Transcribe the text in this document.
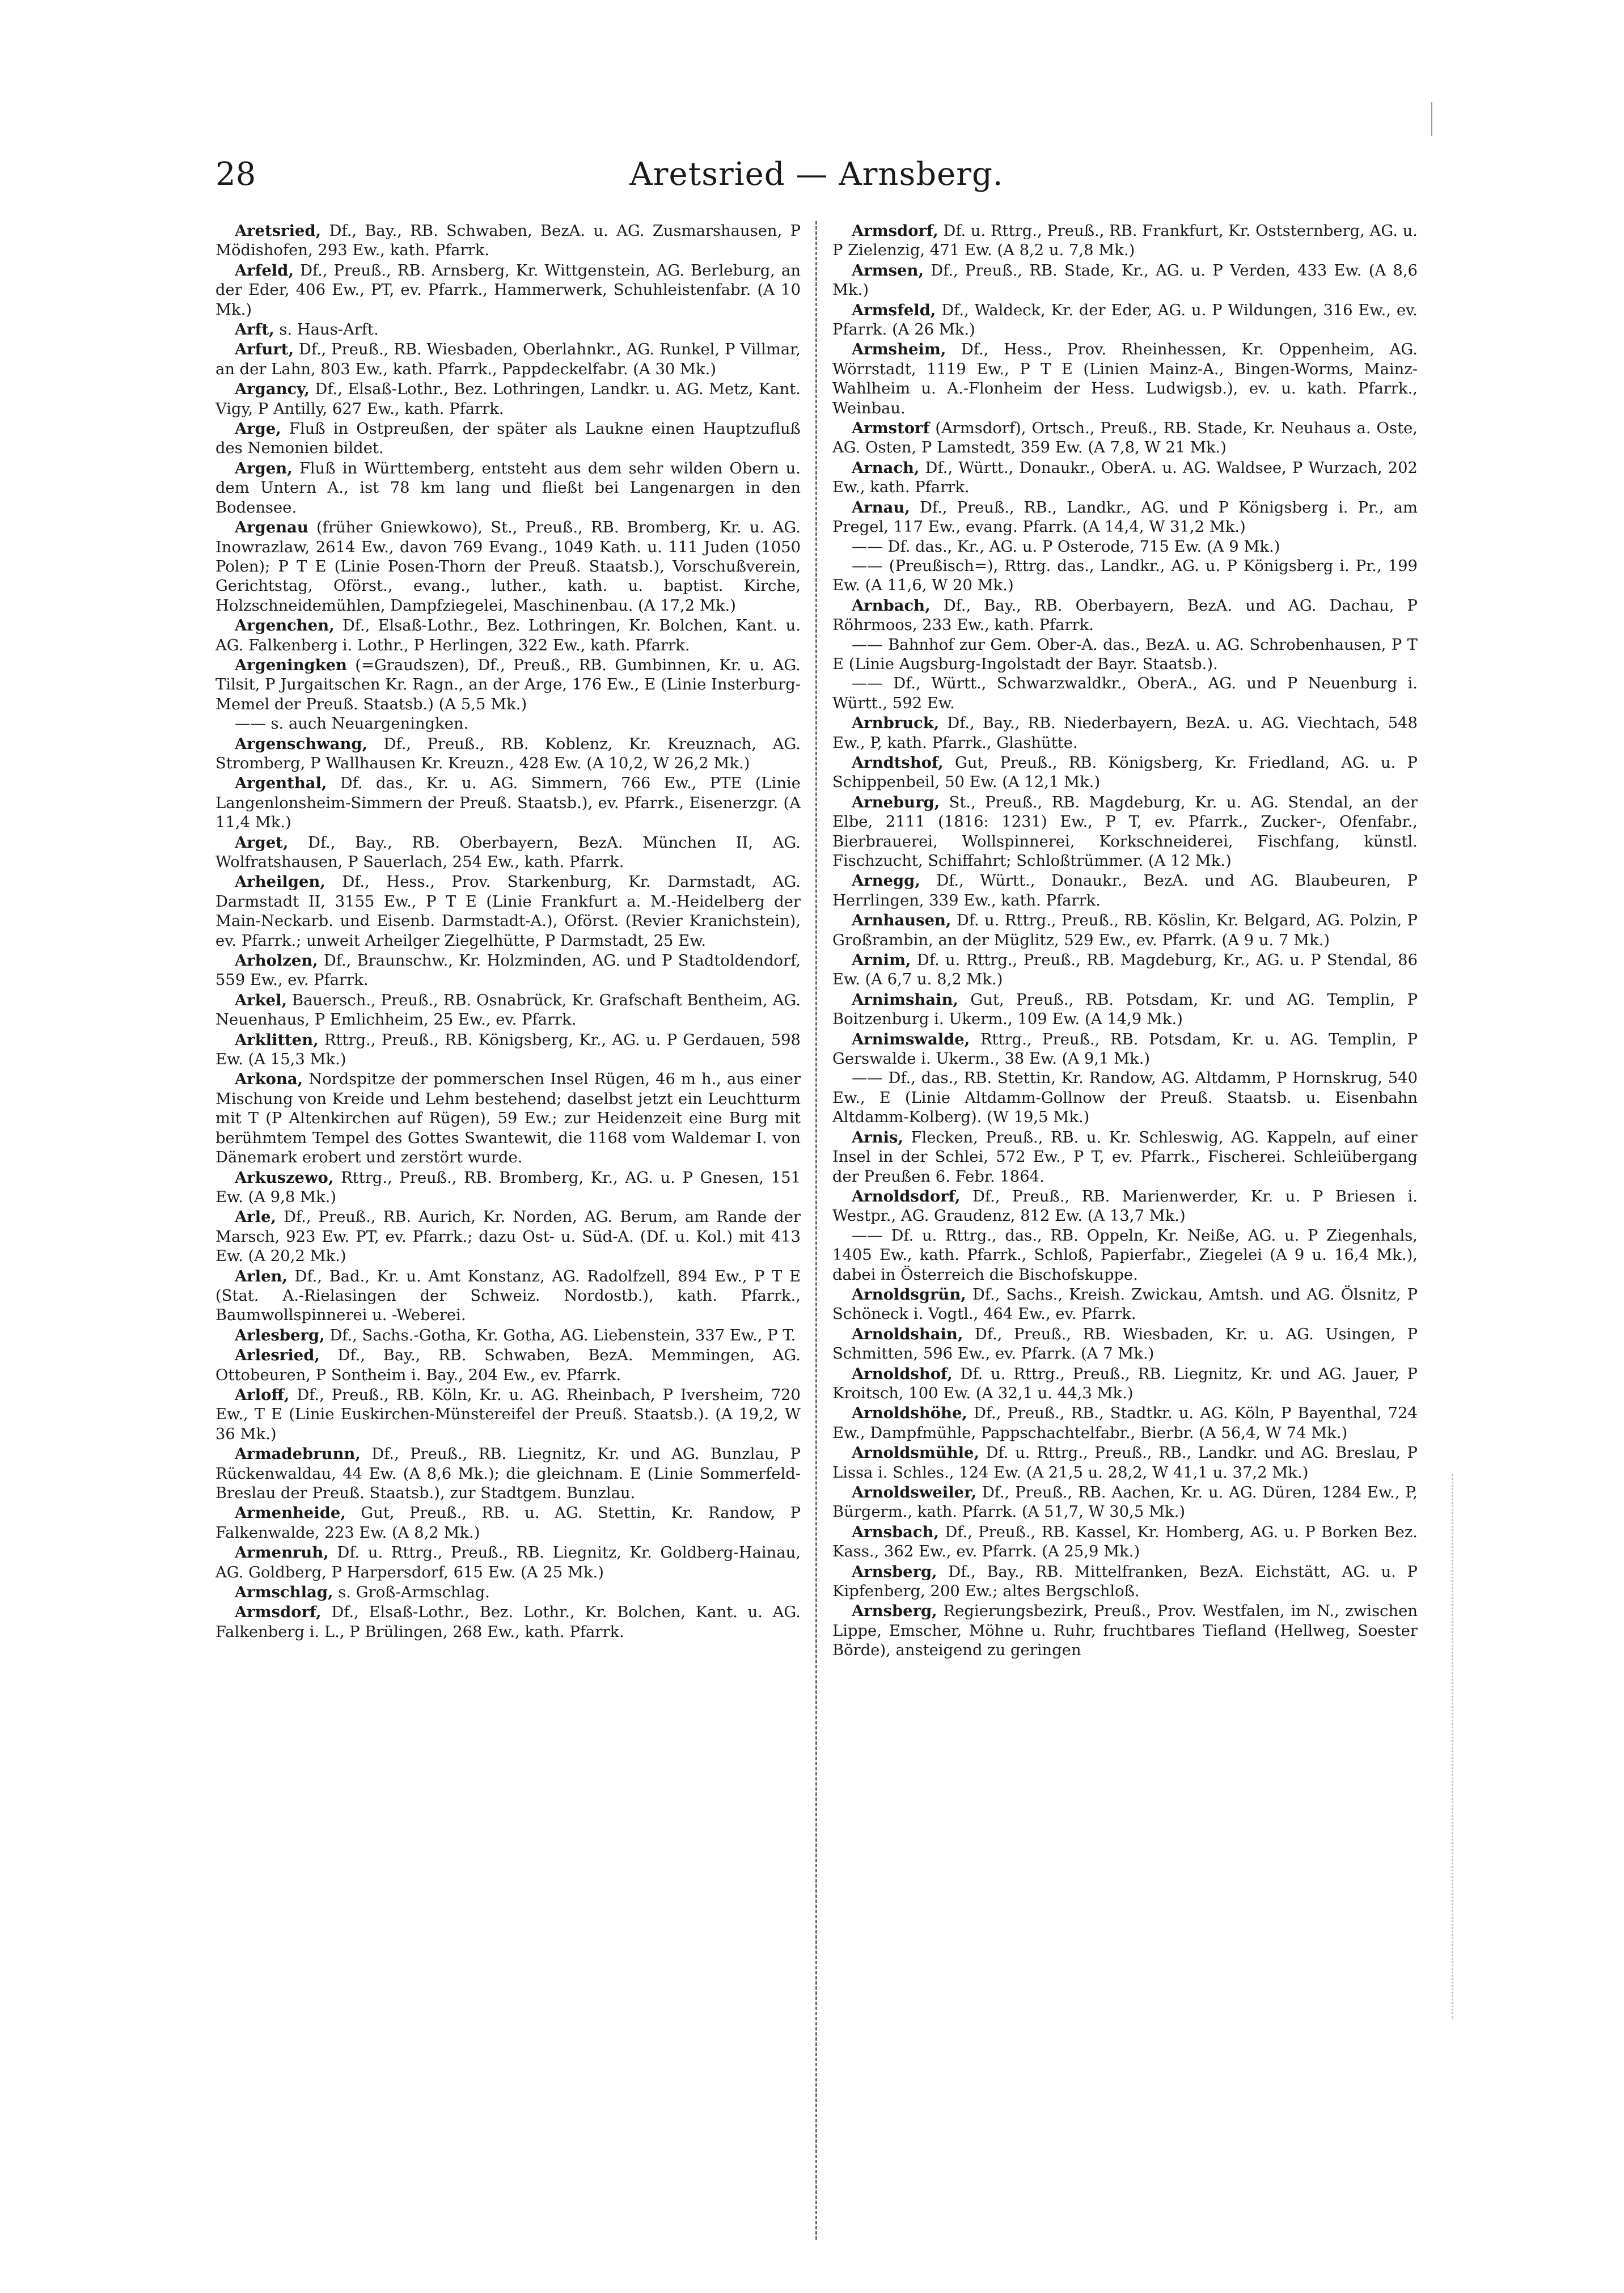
28	Aretsried — Arnsberg.

Aretsried, Df., Bay., RB. Schwaben, BezA. u. AG. Zusmarshausen, P Mödishofen, 293 Ew., kath. Pfarrk.

Arfeld, Df., Preuß., RB. Arnsberg, Kr. Wittgenstein, AG. Berleburg, an der Eder, 406 Ew., PT, ev. Pfarrk., Hammerwerk, Schuhleistenfabr. (A 10 Mk.)

Arft, s. Haus-Arft.

Arfurt, Df., Preuß., RB. Wiesbaden, Oberlahnkr., AG. Runkel, P Villmar, an der Lahn, 803 Ew., kath. Pfarrk., Pappdeckelfabr. (A 30 Mk.)

Argancy, Df., Elsaß-Lothr., Bez. Lothringen, Landkr. u. AG. Metz, Kant. Vigy, P Antilly, 627 Ew., kath. Pfarrk.

Arge, Fluß in Ostpreußen, der später als Laukne einen Hauptzufluß des Nemonien bildet.

Argen, Fluß in Württemberg, entsteht aus dem sehr wilden Obern u. dem Untern A., ist 78 km lang und fließt bei Langenargen in den Bodensee.

Argenau (früher Gniewkowo), St., Preuß., RB. Bromberg, Kr. u. AG. Inowrazlaw, 2614 Ew., davon 769 Evang., 1049 Kath. u. 111 Juden (1050 Polen); P T E (Linie Posen-Thorn der Preuß. Staatsb.), Vorschußverein, Gerichtstag, Oförst., evang., luther., kath. u. baptist. Kirche, Holzschneidemühlen, Dampfziegelei, Maschinenbau. (A 17,2 Mk.)

Argenchen, Df., Elsaß-Lothr., Bez. Lothringen, Kr. Bolchen, Kant. u. AG. Falkenberg i. Lothr., P Herlingen, 322 Ew., kath. Pfarrk.

Argeningken (=Graudszen), Df., Preuß., RB. Gumbinnen, Kr. u. AG. Tilsit, P Jurgaitschen Kr. Ragn., an der Arge, 176 Ew., E (Linie Insterburg-Memel der Preuß. Staatsb.) (A 5,5 Mk.)

—— s. auch Neuargeningken.

Argenschwang, Df., Preuß., RB. Koblenz, Kr. Kreuznach, AG. Stromberg, P Wallhausen Kr. Kreuzn., 428 Ew. (A 10,2, W 26,2 Mk.)

Argenthal, Df. das., Kr. u. AG. Simmern, 766 Ew., PTE (Linie Langenlonsheim-Simmern der Preuß. Staatsb.), ev. Pfarrk., Eisenerzgr. (A 11,4 Mk.)

Arget, Df., Bay., RB. Oberbayern, BezA. München II, AG. Wolfratshausen, P Sauerlach, 254 Ew., kath. Pfarrk.

Arheilgen, Df., Hess., Prov. Starkenburg, Kr. Darmstadt, AG. Darmstadt II, 3155 Ew., P T E (Linie Frankfurt a. M.-Heidelberg der Main-Neckarb. und Eisenb. Darmstadt-A.), Oförst. (Revier Kranichstein), ev. Pfarrk.; unweit Arheilger Ziegelhütte, P Darmstadt, 25 Ew.

Arholzen, Df., Braunschw., Kr. Holzminden, AG. und P Stadtoldendorf, 559 Ew., ev. Pfarrk.

Arkel, Bauersch., Preuß., RB. Osnabrück, Kr. Grafschaft Bentheim, AG. Neuenhaus, P Emlichheim, 25 Ew., ev. Pfarrk.

Arklitten, Rttrg., Preuß., RB. Königsberg, Kr., AG. u. P Gerdauen, 598 Ew. (A 15,3 Mk.)

Arkona, Nordspitze der pommerschen Insel Rügen, 46 m h., aus einer Mischung von Kreide und Lehm bestehend; daselbst jetzt ein Leuchtturm mit T (P Altenkirchen auf Rügen), 59 Ew.; zur Heidenzeit eine Burg mit berühmtem Tempel des Gottes Swantewit, die 1168 vom Waldemar I. von Dänemark erobert und zerstört wurde.

Arkuszewo, Rttrg., Preuß., RB. Bromberg, Kr., AG. u. P Gnesen, 151 Ew. (A 9,8 Mk.)

Arle, Df., Preuß., RB. Aurich, Kr. Norden, AG. Berum, am Rande der Marsch, 923 Ew. PT, ev. Pfarrk.; dazu Ost- u. Süd-A. (Df. u. Kol.) mit 413 Ew. (A 20,2 Mk.)

Arlen, Df., Bad., Kr. u. Amt Konstanz, AG. Radolfzell, 894 Ew., P T E (Stat. A.-Rielasingen der Schweiz. Nordostb.), kath. Pfarrk., Baumwollspinnerei u. -Weberei.

Arlesberg, Df., Sachs.-Gotha, Kr. Gotha, AG. Liebenstein, 337 Ew., P T.

Arlesried, Df., Bay., RB. Schwaben, BezA. Memmingen, AG. Ottobeuren, P Sontheim i. Bay., 204 Ew., ev. Pfarrk.

Arloff, Df., Preuß., RB. Köln, Kr. u. AG. Rheinbach, P Iversheim, 720 Ew., T E (Linie Euskirchen-Münstereifel der Preuß. Staatsb.). (A 19,2, W 36 Mk.)

Armadebrunn, Df., Preuß., RB. Liegnitz, Kr. und AG. Bunzlau, P Rückenwaldau, 44 Ew. (A 8,6 Mk.); die gleichnam. E (Linie Sommerfeld-Breslau der Preuß. Staatsb.), zur Stadtgem. Bunzlau.

Armenheide, Gut, Preuß., RB. u. AG. Stettin, Kr. Randow, P Falkenwalde, 223 Ew. (A 8,2 Mk.)

Armenruh, Df. u. Rttrg., Preuß., RB. Liegnitz, Kr. Goldberg-Hainau, AG. Goldberg, P Harpersdorf, 615 Ew. (A 25 Mk.)

Armschlag, s. Groß-Armschlag.

Armsdorf, Df., Elsaß-Lothr., Bez. Lothr., Kr. Bolchen, Kant. u. AG. Falkenberg i. L., P Brülingen, 268 Ew., kath. Pfarrk.

Armsdorf, Df. u. Rttrg., Preuß., RB. Frankfurt, Kr. Oststernberg, AG. u. P Zielenzig, 471 Ew. (A 8,2 u. 7,8 Mk.)

Armsen, Df., Preuß., RB. Stade, Kr., AG. u. P Verden, 433 Ew. (A 8,6 Mk.)

Armsfeld, Df., Waldeck, Kr. der Eder, AG. u. P Wildungen, 316 Ew., ev. Pfarrk. (A 26 Mk.)

Armsheim, Df., Hess., Prov. Rheinhessen, Kr. Oppenheim, AG. Wörrstadt, 1119 Ew., P T E (Linien Mainz-A., Bingen-Worms, Mainz-Wahlheim u. A.-Flonheim der Hess. Ludwigsb.), ev. u. kath. Pfarrk., Weinbau.

Armstorf (Armsdorf), Ortsch., Preuß., RB. Stade, Kr. Neuhaus a. Oste, AG. Osten, P Lamstedt, 359 Ew. (A 7,8, W 21 Mk.)

Arnach, Df., Württ., Donaukr., OberA. u. AG. Waldsee, P Wurzach, 202 Ew., kath. Pfarrk.

Arnau, Df., Preuß., RB., Landkr., AG. und P Königsberg i. Pr., am Pregel, 117 Ew., evang. Pfarrk. (A 14,4, W 31,2 Mk.)

—— Df. das., Kr., AG. u. P Osterode, 715 Ew. (A 9 Mk.)

—— (Preußisch=), Rttrg. das., Landkr., AG. u. P Königsberg i. Pr., 199 Ew. (A 11,6, W 20 Mk.)

Arnbach, Df., Bay., RB. Oberbayern, BezA. und AG. Dachau, P Röhrmoos, 233 Ew., kath. Pfarrk.

—— Bahnhof zur Gem. Ober-A. das., BezA. u. AG. Schrobenhausen, P T E (Linie Augsburg-Ingolstadt der Bayr. Staatsb.).

—— Df., Württ., Schwarzwaldkr., OberA., AG. und P Neuenburg i. Württ., 592 Ew.

Arnbruck, Df., Bay., RB. Niederbayern, BezA. u. AG. Viechtach, 548 Ew., P, kath. Pfarrk., Glashütte.

Arndtshof, Gut, Preuß., RB. Königsberg, Kr. Friedland, AG. u. P Schippenbeil, 50 Ew. (A 12,1 Mk.)

Arneburg, St., Preuß., RB. Magdeburg, Kr. u. AG. Stendal, an der Elbe, 2111 (1816: 1231) Ew., P T, ev. Pfarrk., Zucker-, Ofenfabr., Bierbrauerei, Wollspinnerei, Korkschneiderei, Fischfang, künstl. Fischzucht, Schiffahrt; Schloßtrümmer. (A 12 Mk.)

Arnegg, Df., Württ., Donaukr., BezA. und AG. Blaubeuren, P Herrlingen, 339 Ew., kath. Pfarrk.

Arnhausen, Df. u. Rttrg., Preuß., RB. Köslin, Kr. Belgard, AG. Polzin, P Großrambin, an der Müglitz, 529 Ew., ev. Pfarrk. (A 9 u. 7 Mk.)

Arnim, Df. u. Rttrg., Preuß., RB. Magdeburg, Kr., AG. u. P Stendal, 86 Ew. (A 6,7 u. 8,2 Mk.)

Arnimshain, Gut, Preuß., RB. Potsdam, Kr. und AG. Templin, P Boitzenburg i. Ukerm., 109 Ew. (A 14,9 Mk.)

Arnimswalde, Rttrg., Preuß., RB. Potsdam, Kr. u. AG. Templin, P Gerswalde i. Ukerm., 38 Ew. (A 9,1 Mk.)

—— Df., das., RB. Stettin, Kr. Randow, AG. Altdamm, P Hornskrug, 540 Ew., E (Linie Altdamm-Gollnow der Preuß. Staatsb. u. Eisenbahn Altdamm-Kolberg). (W 19,5 Mk.)

Arnis, Flecken, Preuß., RB. u. Kr. Schleswig, AG. Kappeln, auf einer Insel in der Schlei, 572 Ew., P T, ev. Pfarrk., Fischerei. Schleiübergang der Preußen 6. Febr. 1864.

Arnoldsdorf, Df., Preuß., RB. Marienwerder, Kr. u. P Briesen i. Westpr., AG. Graudenz, 812 Ew. (A 13,7 Mk.)

—— Df. u. Rttrg., das., RB. Oppeln, Kr. Neiße, AG. u. P Ziegenhals, 1405 Ew., kath. Pfarrk., Schloß, Papierfabr., Ziegelei (A 9 u. 16,4 Mk.), dabei in Österreich die Bischofskuppe.

Arnoldsgrün, Df., Sachs., Kreish. Zwickau, Amtsh. und AG. Ölsnitz, P Schöneck i. Vogtl., 464 Ew., ev. Pfarrk.

Arnoldshain, Df., Preuß., RB. Wiesbaden, Kr. u. AG. Usingen, P Schmitten, 596 Ew., ev. Pfarrk. (A 7 Mk.)

Arnoldshof, Df. u. Rttrg., Preuß., RB. Liegnitz, Kr. und AG. Jauer, P Kroitsch, 100 Ew. (A 32,1 u. 44,3 Mk.)

Arnoldshöhe, Df., Preuß., RB., Stadtkr. u. AG. Köln, P Bayenthal, 724 Ew., Dampfmühle, Pappschachtelfabr., Bierbr. (A 56,4, W 74 Mk.)

Arnoldsmühle, Df. u. Rttrg., Preuß., RB., Landkr. und AG. Breslau, P Lissa i. Schles., 124 Ew. (A 21,5 u. 28,2, W 41,1 u. 37,2 Mk.)

Arnoldsweiler, Df., Preuß., RB. Aachen, Kr. u. AG. Düren, 1284 Ew., P, Bürgerm., kath. Pfarrk. (A 51,7, W 30,5 Mk.)

Arnsbach, Df., Preuß., RB. Kassel, Kr. Homberg, AG. u. P Borken Bez. Kass., 362 Ew., ev. Pfarrk. (A 25,9 Mk.)

Arnsberg, Df., Bay., RB. Mittelfranken, BezA. Eichstätt, AG. u. P Kipfenberg, 200 Ew.; altes Bergschloß.

Arnsberg, Regierungsbezirk, Preuß., Prov. Westfalen, im N., zwischen Lippe, Emscher, Möhne u. Ruhr, fruchtbares Tiefland (Hellweg, Soester Börde), ansteigend zu geringen
